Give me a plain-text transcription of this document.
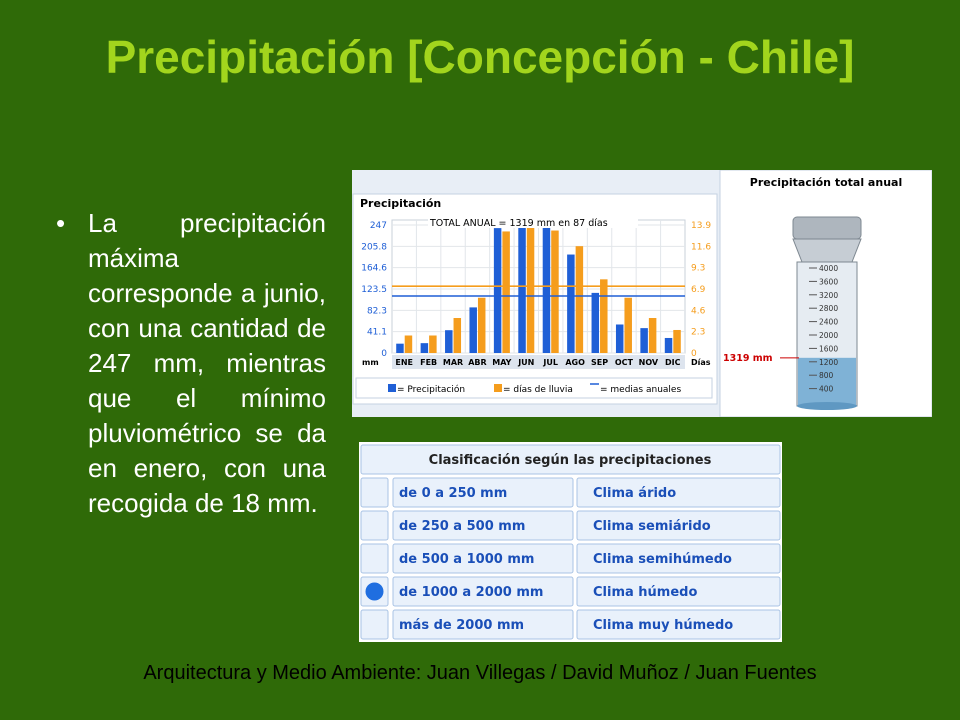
Precipitación [Concepción - Chile]
• La precipitación máxima corresponde a junio, con una cantidad de 247 mm, mientras que el mínimo pluviométrico se da en enero, con una recogida de 18 mm.
Precipitación
0	0
41.1	2.3
82.3	4.6
123.5	6.9
164.6	9.3
205.8	11.6
247	13.9
TOTAL ANUAL = 1319 mm en 87 días
mm	Días
ENE FEB MAR ABR MAY JUN JUL AGO SEP OCT NOV DIC
= Precipitación	= días de lluvia	= medias anuales
Precipitación total anual
400
800
1200
1600
2000
2400
2800
3200
3600
4000
1319 mm
Clasificación según las precipitaciones
de 0 a 250 mm	Clima árido
de 250 a 500 mm	Clima semiárido
de 500 a 1000 mm	Clima semihúmedo
de 1000 a 2000 mm	Clima húmedo
más de 2000 mm	Clima muy húmedo
Arquitectura y Medio Ambiente: Juan Villegas / David Muñoz / Juan Fuentes
